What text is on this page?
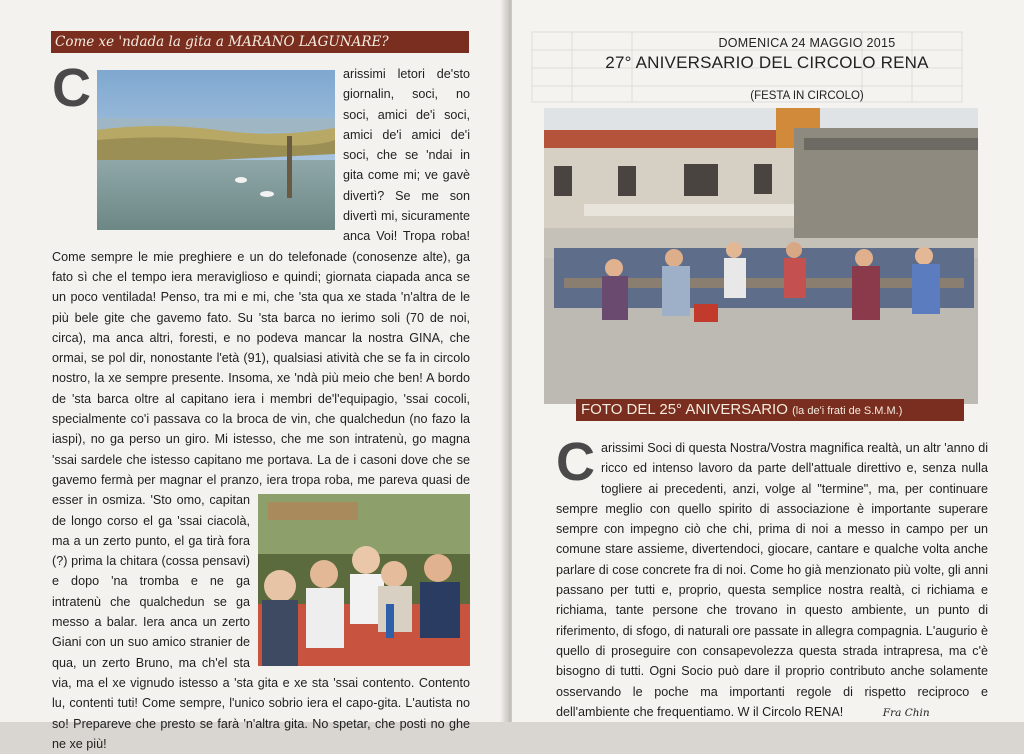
Come xe 'ndada la gita a MARANO LAGUNARE?

C	arissimi letori de'sto giornalin, soci, no soci, amici de'i soci, amici de'i amici de'i soci, che se 'ndai in gita come mi; ve gavè divertì? Se me son divertì mi, sicuramente anca Voi! Tropa roba! Come sempre le mie preghiere e un do telefonade (conosenze alte), ga fato sì che el tempo iera meraviglioso e quindi; giornata ciapada anca se un poco ventilada! Penso, tra mi e mi, che 'sta qua xe stada 'n'altra de le più bele gite che gavemo fato. Su 'sta barca no ierimo soli (70 de noi, circa), ma anca altri, foresti, e no podeva mancar la nostra GINA, che ormai, se pol dir, nonostante l'età (91), qualsiasi atività che se fa in circolo nostro, la xe sempre presente. Insoma, xe 'ndà più meio che ben! A bordo de 'sta barca oltre al capitano iera i membri de'l'equipagio, 'ssai cocoli, specialmente co'i passava co la broca de vin, che qualchedun (no fazo la iaspi), no ga perso un giro. Mi istesso, che me son intratenù, go magna 'ssai sardele che istesso capitano me portava. La de i casoni dove che se gavemo fermà per magnar el pranzo, iera tropa roba, me pareva quasi de esser in osmiza. 'Sto omo, capitan de longo corso el ga 'ssai ciacolà, ma a un zerto punto, el ga tirà fora (?) prima la chitara (cossa pensavi) e dopo 'na tromba e ne ga intratenù che qualchedun se ga messo a balar. Iera anca un zerto Giani con un suo amico stranier de qua, un zerto Bruno, ma ch'el sta via, ma el xe vignudo istesso a 'sta gita e xe sta 'ssai contento. Contento lu, contenti tuti! Come sempre, l'unico sobrio iera el capo-gita. L'autista no so! Prepareve che presto se farà 'n'altra gita. No spetar, che posti no ghe ne xe più!

DOMENICA 24 MAGGIO 2015
27° ANIVERSARIO DEL CIRCOLO RENA
(FESTA IN CIRCOLO)
FOTO DEL 25° ANIVERSARIO (la de'i frati de S.M.M.)

C arissimi Soci di questa Nostra/Vostra magnifica realtà, un altr 'anno di ricco ed intenso lavoro da parte dell'attuale direttivo e, senza nulla togliere ai precedenti, anzi, volge al "termine", ma, per continuare sempre meglio con quello spirito di associazione è importante superare sempre con impegno ciò che chi, prima di noi a messo in campo per un comune stare assieme, divertendoci, giocare, cantare e qualche volta anche parlare di cose concrete fra di noi. Come ho già menzionato più volte, gli anni passano per tutti e, proprio, questa semplice nostra realtà, ci richiama e richiama, tante persone che trovano in questo ambiente, un punto di riferimento, di sfogo, di naturali ore passate in allegra compagnia. L'augurio è quello di proseguire con consapevolezza questa strada intrapresa, ma c'è bisogno di tutti. Ogni Socio può dare il proprio contributo anche solamente osservando le poche ma importanti regole di rispetto reciproco e dell'ambiente che frequentiamo. W il Circolo RENA!	Fra Chin
